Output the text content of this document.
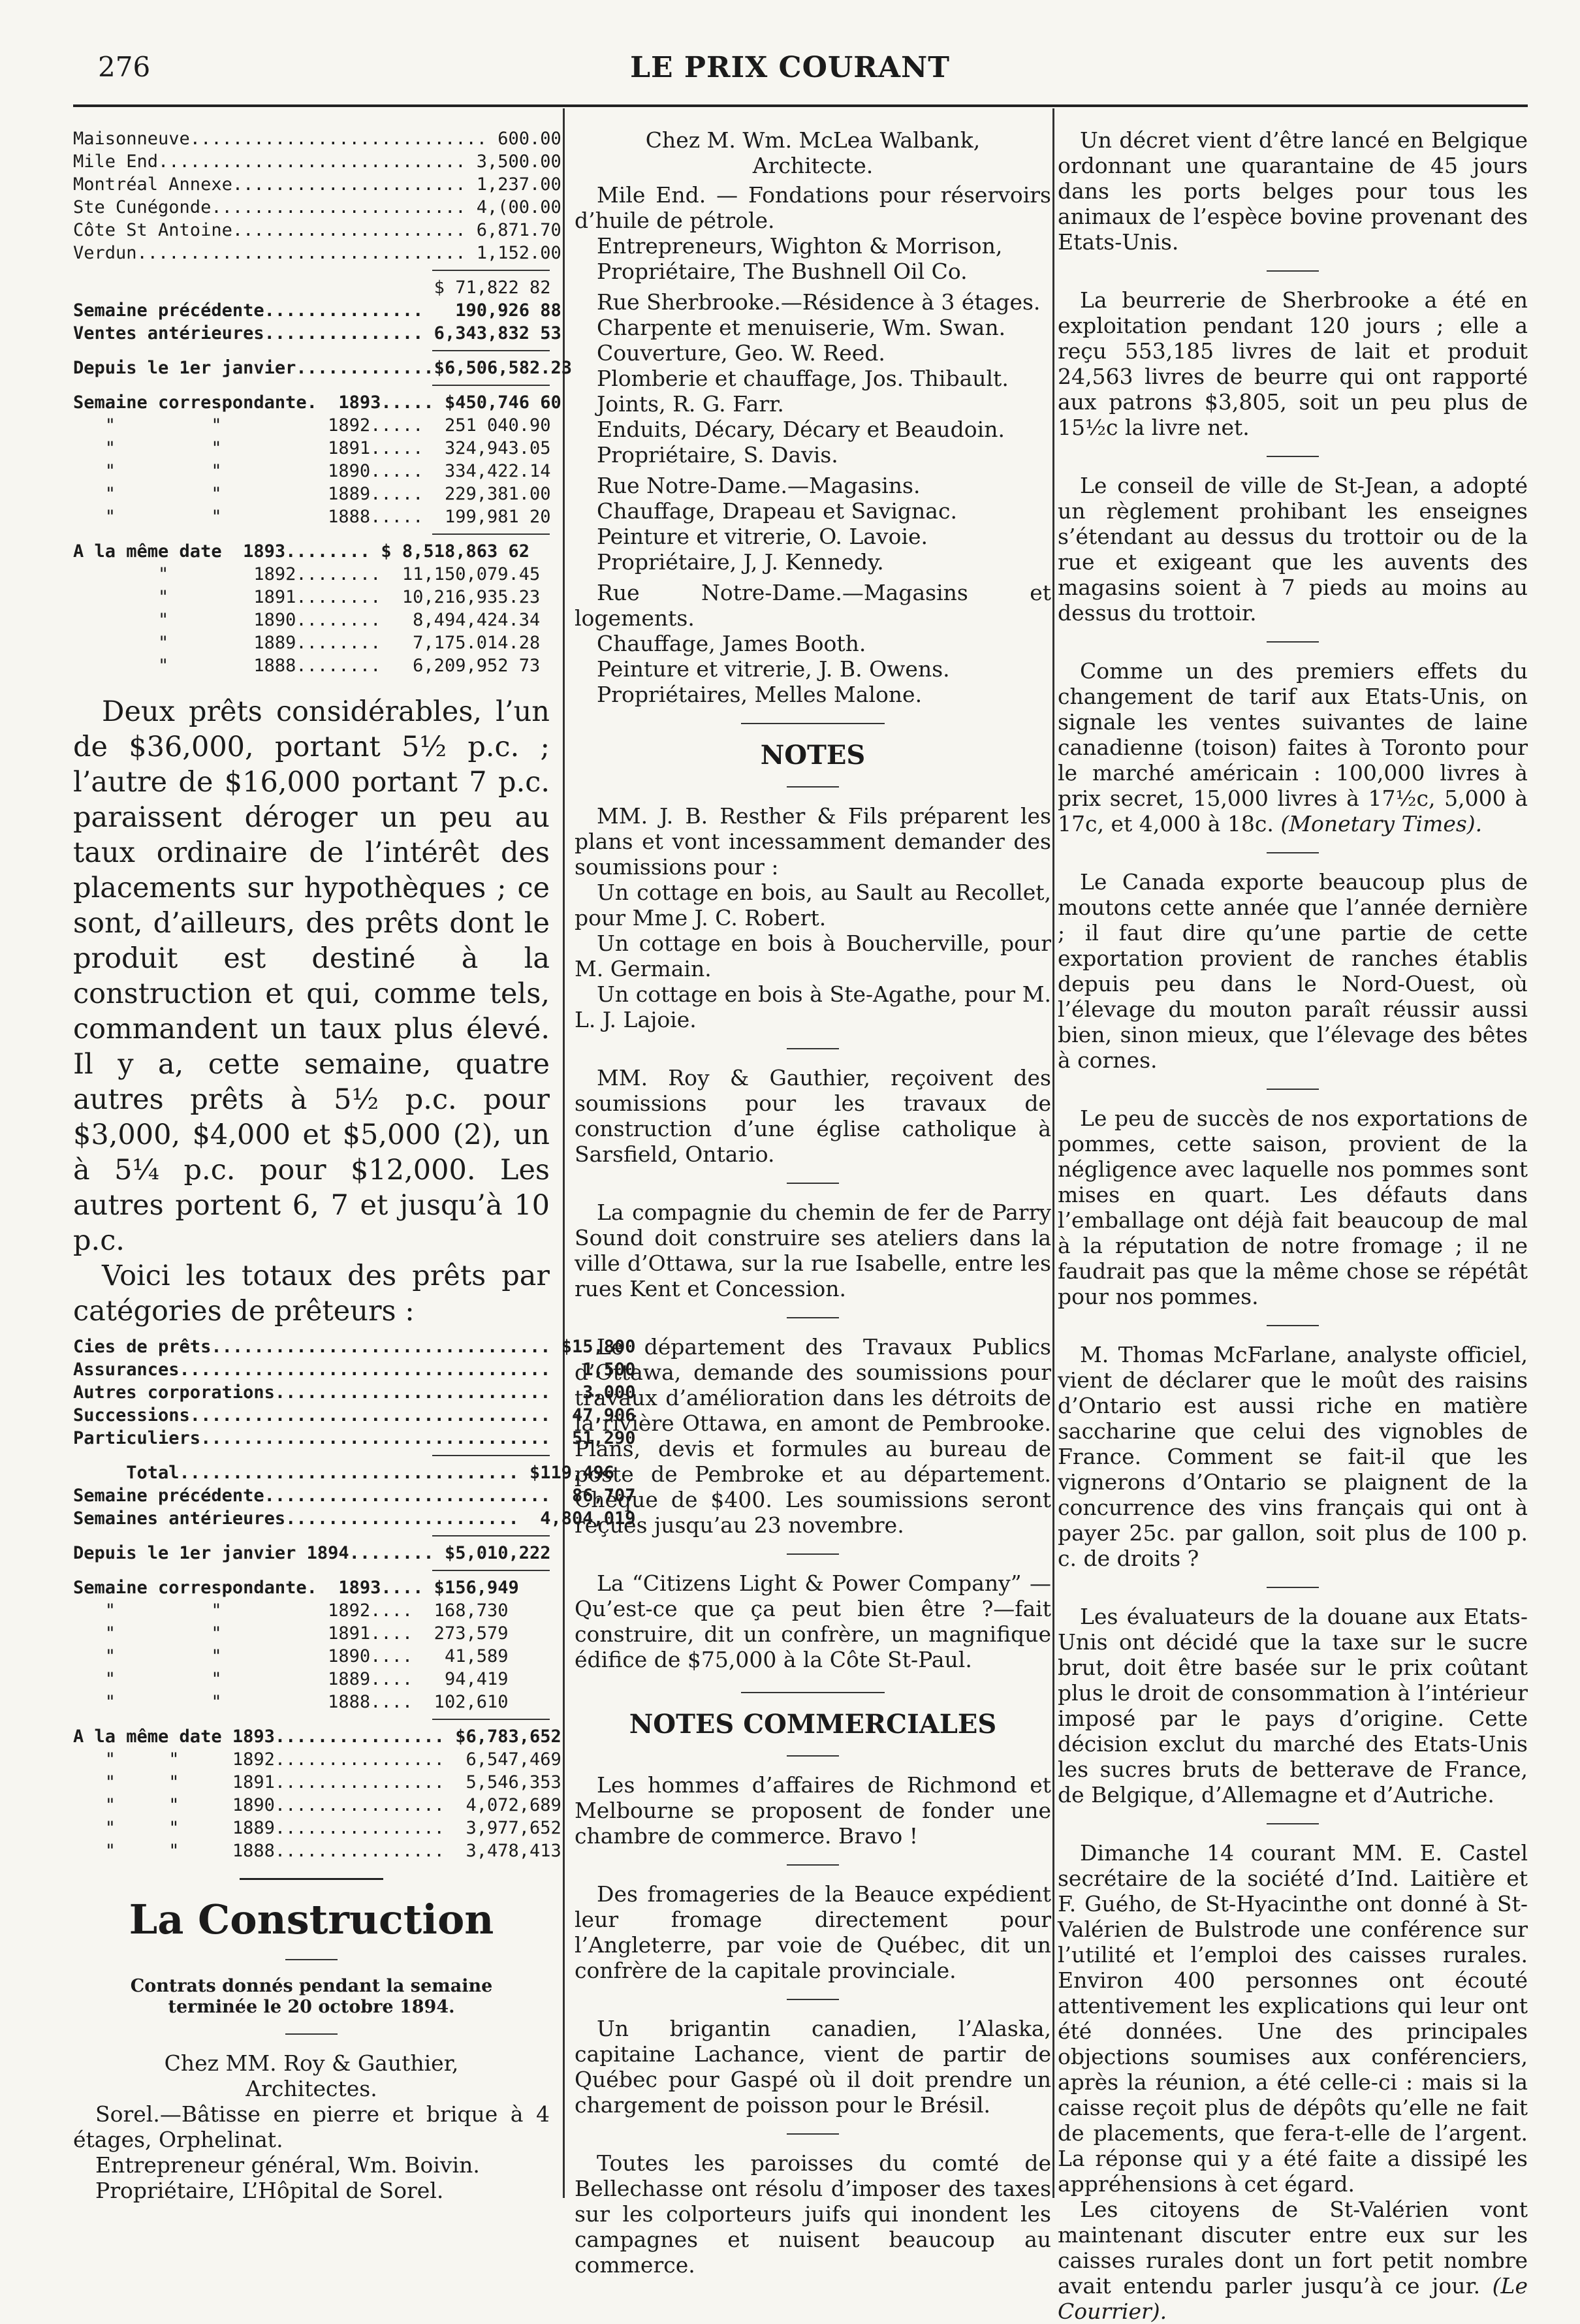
276	LE PRIX COURANT
Maisonneuve............................ 600.00
Mile End............................. 3,500.00
Montréal Annexe...................... 1,237.00
Ste Cunégonde........................ 4,(00.00
Côte St Antoine...................... 6,871.70
Verdun............................... 1,152.00
$ 71,822 82
Semaine précédente...............   190,926 88
Ventes antérieures............... 6,343,832 53
Depuis le 1er janvier.............$6,506,582.23
Semaine correspondante.  1893..... $450,746 60
"         "          1892.....  251 040.90
"         "          1891.....  324,943.05
"         "          1890.....  334,422.14
"         "          1889.....  229,381.00
"         "          1888.....  199,981 20
A la même date  1893........ $ 8,518,863 62
"        1892........  11,150,079.45
"        1891........  10,216,935.23
"        1890........   8,494,424.34
"        1889........   7,175.014.28
"        1888........   6,209,952 73

Deux prêts considérables, l’un de $36,000, portant 5½ p.c. ; l’autre de $16,000 portant 7 p.c. paraissent déroger un peu au taux ordinaire de l’intérêt des placements sur hypothèques ; ce sont, d’ailleurs, des prêts dont le produit est destiné à la construction et qui, comme tels, commandent un taux plus élevé. Il y a, cette semaine, quatre autres prêts à 5½ p.c. pour $3,000, $4,000 et $5,000 (2), un à 5¼ p.c. pour $12,000. Les autres portent 6, 7 et jusqu’à 10 p.c.

Voici les totaux des prêts par catégories de prêteurs :

Cies de prêts................................ $15,800
Assurances...................................   1,500
Autres corporations..........................   3,000
Successions..................................  47,906
Particuliers.................................  51,290
Total................................ $119,496
Semaine précédente...........................  86,707
Semaines antérieures......................  4,804,019
Depuis le 1er janvier 1894........ $5,010,222
Semaine correspondante.  1893.... $156,949
"         "          1892....  168,730
"         "          1891....  273,579
"         "          1890....   41,589
"         "          1889....   94,419
"         "          1888....  102,610
A la même date 1893................ $6,783,652
"     "     1892................  6,547,469
"     "     1891................  5,546,353
"     "     1890................  4,072,689
"     "     1889................  3,977,652
"     "     1888................  3,478,413

La Construction

Contrats donnés pendant la semaine terminée le 20 octobre 1894.

Chez MM. Roy & Gauthier,

Architectes.

Sorel.—Bâtisse en pierre et brique à 4 étages, Orphelinat.

Entrepreneur général, Wm. Boivin.

Propriétaire, L’Hôpital de Sorel.

Chez M. Wm. McLea Walbank,

Architecte.

Mile End. — Fondations pour réservoirs d’huile de pétrole.

Entrepreneurs, Wighton & Morrison,

Propriétaire, The Bushnell Oil Co.

Rue Sherbrooke.—Résidence à 3 étages.

Charpente et menuiserie, Wm. Swan.

Couverture, Geo. W. Reed.

Plomberie et chauffage, Jos. Thibault.

Joints, R. G. Farr.

Enduits, Décary, Décary et Beaudoin.

Propriétaire, S. Davis.

Rue Notre-Dame.—Magasins.

Chauffage, Drapeau et Savignac.

Peinture et vitrerie, O. Lavoie.

Propriétaire, J, J. Kennedy.

Rue Notre-Dame.—Magasins et logements.

Chauffage, James Booth.

Peinture et vitrerie, J. B. Owens.

Propriétaires, Melles Malone.

NOTES

MM. J. B. Resther & Fils préparent les plans et vont incessamment demander des soumissions pour :

Un cottage en bois, au Sault au Recollet, pour Mme J. C. Robert.

Un cottage en bois à Boucherville, pour M. Germain.

Un cottage en bois à Ste-Agathe, pour M. L. J. Lajoie.

MM. Roy & Gauthier, reçoivent des soumissions pour les travaux de construction d’une église catholique à Sarsfield, Ontario.

La compagnie du chemin de fer de Parry Sound doit construire ses ateliers dans la ville d’Ottawa, sur la rue Isabelle, entre les rues Kent et Concession.

Le département des Travaux Publics d’Ottawa, demande des soumissions pour travaux d’amélioration dans les détroits de la rivière Ottawa, en amont de Pembrooke. Plans, devis et formules au bureau de poste de Pembroke et au département. Chèque de $400. Les soumissions seront reçues jusqu’au 23 novembre.

La “Citizens Light & Power Company” —Qu’est-ce que ça peut bien être ?—fait construire, dit un confrère, un magnifique édifice de $75,000 à la Côte St-Paul.

NOTES COMMERCIALES

Les hommes d’affaires de Richmond et Melbourne se proposent de fonder une chambre de commerce. Bravo !

Des fromageries de la Beauce expédient leur fromage directement pour l’Angleterre, par voie de Québec, dit un confrère de la capitale provinciale.

Un brigantin canadien, l’Alaska, capitaine Lachance, vient de partir de Québec pour Gaspé où il doit prendre un chargement de poisson pour le Brésil.

Toutes les paroisses du comté de Bellechasse ont résolu d’imposer des taxes sur les colporteurs juifs qui inondent les campagnes et nuisent beaucoup au commerce.

Un décret vient d’être lancé en Belgique ordonnant une quarantaine de 45 jours dans les ports belges pour tous les animaux de l’espèce bovine provenant des Etats-Unis.

La beurrerie de Sherbrooke a été en exploitation pendant 120 jours ; elle a reçu 553,185 livres de lait et produit 24,563 livres de beurre qui ont rapporté aux patrons $3,805, soit un peu plus de 15½c la livre net.

Le conseil de ville de St-Jean, a adopté un règlement prohibant les enseignes s’étendant au dessus du trottoir ou de la rue et exigeant que les auvents des magasins soient à 7 pieds au moins au dessus du trottoir.

Comme un des premiers effets du changement de tarif aux Etats-Unis, on signale les ventes suivantes de laine canadienne (toison) faites à Toronto pour le marché américain : 100,000 livres à prix secret, 15,000 livres à 17½c, 5,000 à 17c, et 4,000 à 18c. (Monetary Times).

Le Canada exporte beaucoup plus de moutons cette année que l’année dernière ; il faut dire qu’une partie de cette exportation provient de ranches établis depuis peu dans le Nord-Ouest, où l’élevage du mouton paraît réussir aussi bien, sinon mieux, que l’élevage des bêtes à cornes.

Le peu de succès de nos exportations de pommes, cette saison, provient de la négligence avec laquelle nos pommes sont mises en quart. Les défauts dans l’emballage ont déjà fait beaucoup de mal à la réputation de notre fromage ; il ne faudrait pas que la même chose se répétât pour nos pommes.

M. Thomas McFarlane, analyste officiel, vient de déclarer que le moût des raisins d’Ontario est aussi riche en matière saccharine que celui des vignobles de France. Comment se fait-il que les vignerons d’Ontario se plaignent de la concurrence des vins français qui ont à payer 25c. par gallon, soit plus de 100 p. c. de droits ?

Les évaluateurs de la douane aux Etats-Unis ont décidé que la taxe sur le sucre brut, doit être basée sur le prix coûtant plus le droit de consommation à l’intérieur imposé par le pays d’origine. Cette décision exclut du marché des Etats-Unis les sucres bruts de betterave de France, de Belgique, d’Allemagne et d’Autriche.

Dimanche 14 courant MM. E. Castel secrétaire de la société d’Ind. Laitière et F. Guého, de St-Hyacinthe ont donné à St-Valérien de Bulstrode une conférence sur l’utilité et l’emploi des caisses rurales. Environ 400 personnes ont écouté attentivement les explications qui leur ont été données. Une des principales objections soumises aux conférenciers, après la réunion, a été celle-ci : mais si la caisse reçoit plus de dépôts qu’elle ne fait de placements, que fera-t-elle de l’argent. La réponse qui y a été faite a dissipé les appréhensions à cet égard.

Les citoyens de St-Valérien vont maintenant discuter entre eux sur les caisses rurales dont un fort petit nombre avait entendu parler jusqu’à ce jour. (Le Courrier).
